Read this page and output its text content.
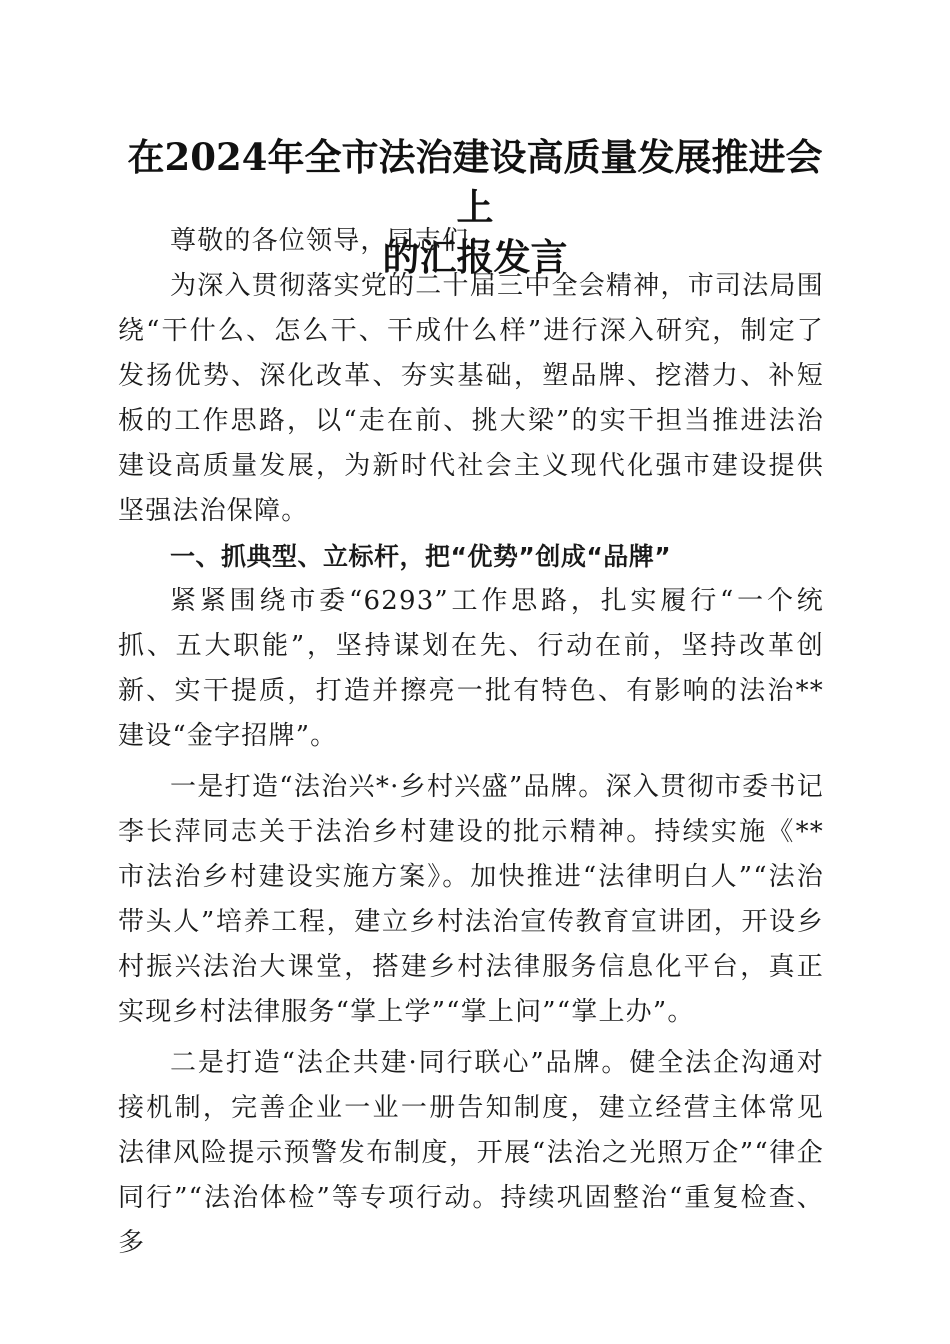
在2024年全市法治建设高质量发展推进会上
的汇报发言

尊敬的各位领导，同志们:

为深入贯彻落实党的二十届三中全会精神，市司法局围绕“干什么、怎么干、干成什么样”进行深入研究，制定了发扬优势、深化改革、夯实基础，塑品牌、挖潜力、补短板的工作思路，以“走在前、挑大梁”的实干担当推进法治建设高质量发展，为新时代社会主义现代化强市建设提供坚强法治保障。

一、抓典型、立标杆，把“优势”创成“品牌”

紧紧围绕市委“6293”工作思路，扎实履行“一个统抓、五大职能”，坚持谋划在先、行动在前，坚持改革创新、实干提质，打造并擦亮一批有特色、有影响的法治**建设“金字招牌”。

一是打造“法治兴*·乡村兴盛”品牌。深入贯彻市委书记李长萍同志关于法治乡村建设的批示精神。持续实施《**市法治乡村建设实施方案》。加快推进“法律明白人”“法治带头人”培养工程，建立乡村法治宣传教育宣讲团，开设乡村振兴法治大课堂，搭建乡村法律服务信息化平台，真正实现乡村法律服务“掌上学”“掌上问”“掌上办”。

二是打造“法企共建·同行联心”品牌。健全法企沟通对接机制，完善企业一业一册告知制度，建立经营主体常见法律风险提示预警发布制度，开展“法治之光照万企”“律企同行”“法治体检”等专项行动。持续巩固整治“重复检查、多
